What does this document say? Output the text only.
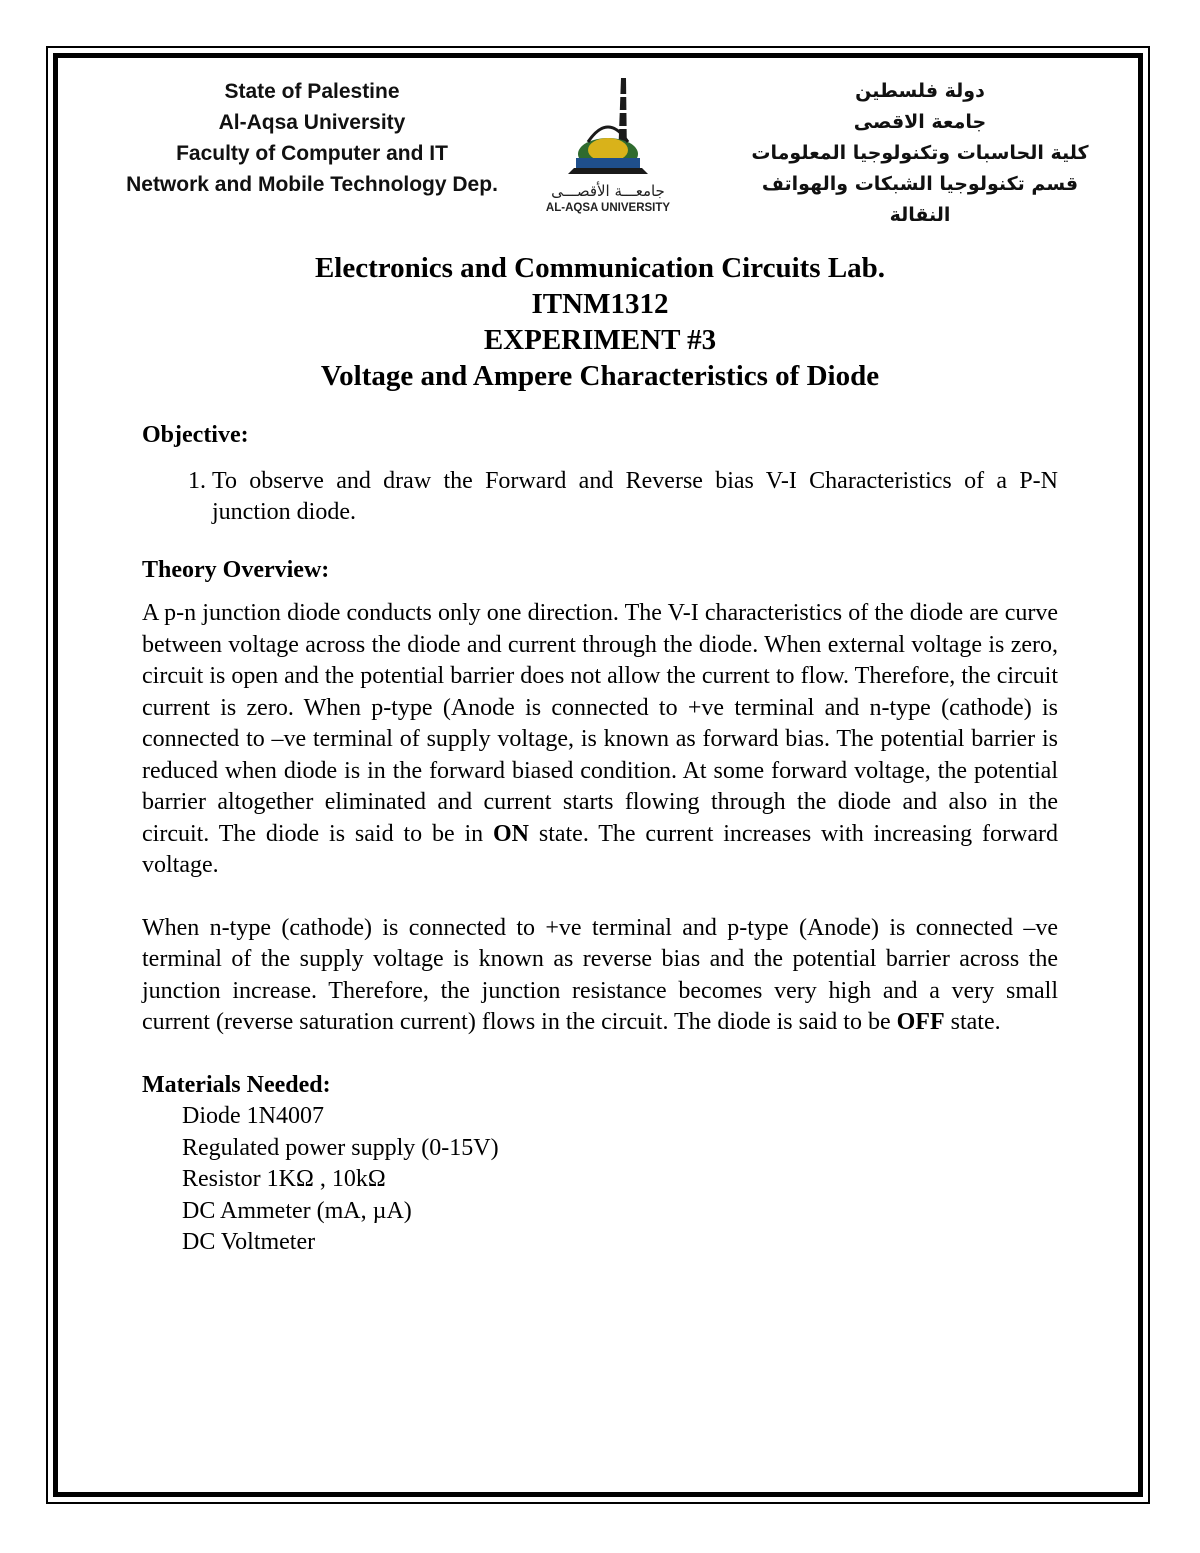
State of Palestine
Al-Aqsa University
Faculty of Computer and IT
Network and Mobile Technology Dep.	جامعـــة الأقصـــى
AL-AQSA UNIVERSITY
دولة فلسطين
جامعة الاقصى
كلية الحاسبات وتكنولوجيا المعلومات
قسم تكنولوجيا الشبكات والهواتف النقالة
Electronics and Communication Circuits Lab.
ITNM1312
EXPERIMENT #3
Voltage and Ampere Characteristics of Diode
Objective:
1. To observe and draw the Forward and Reverse bias V-I Characteristics of a P-N junction diode.
Theory Overview:

A p-n junction diode conducts only one direction. The V-I characteristics of the diode are curve between voltage across the diode and current through the diode. When external voltage is zero, circuit is open and the potential barrier does not allow the current to flow. Therefore, the circuit current is zero. When p-type (Anode is connected to +ve terminal and n-type (cathode) is connected to –ve terminal of supply voltage, is known as forward bias. The potential barrier is reduced when diode is in the forward biased condition. At some forward voltage, the potential barrier altogether eliminated and current starts flowing through the diode and also in the circuit. The diode is said to be in ON state. The current increases with increasing forward voltage.

When n-type (cathode) is connected to +ve terminal and p-type (Anode) is connected –ve terminal of the supply voltage is known as reverse bias and the potential barrier across the junction increase. Therefore, the junction resistance becomes very high and a very small current (reverse saturation current) flows in the circuit. The diode is said to be OFF state.

Materials Needed:
Diode 1N4007
Regulated power supply (0-15V)
Resistor 1KΩ , 10kΩ
DC Ammeter (mA, µA)
DC Voltmeter
